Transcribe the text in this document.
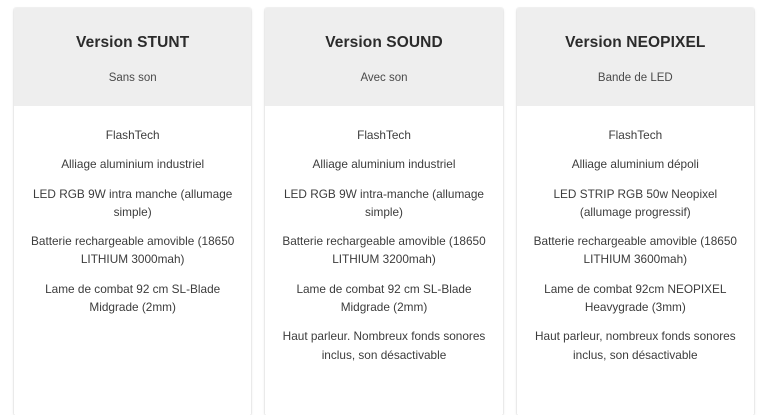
Version STUNT
Sans son
FlashTech
Alliage aluminium industriel
LED RGB 9W intra manche (allumage simple)
Batterie rechargeable amovible (18650 LITHIUM 3000mah)
Lame de combat 92 cm SL-Blade Midgrade (2mm)
Version SOUND
Avec son
FlashTech
Alliage aluminium industriel
LED RGB 9W intra-manche (allumage simple)
Batterie rechargeable amovible (18650 LITHIUM 3200mah)
Lame de combat 92 cm SL-Blade Midgrade (2mm)
Haut parleur. Nombreux fonds sonores inclus, son désactivable
Version NEOPIXEL
Bande de LED
FlashTech
Alliage aluminium dépoli
LED STRIP RGB 50w Neopixel (allumage progressif)
Batterie rechargeable amovible (18650 LITHIUM 3600mah)
Lame de combat 92cm NEOPIXEL Heavygrade (3mm)
Haut parleur, nombreux fonds sonores inclus, son désactivable
